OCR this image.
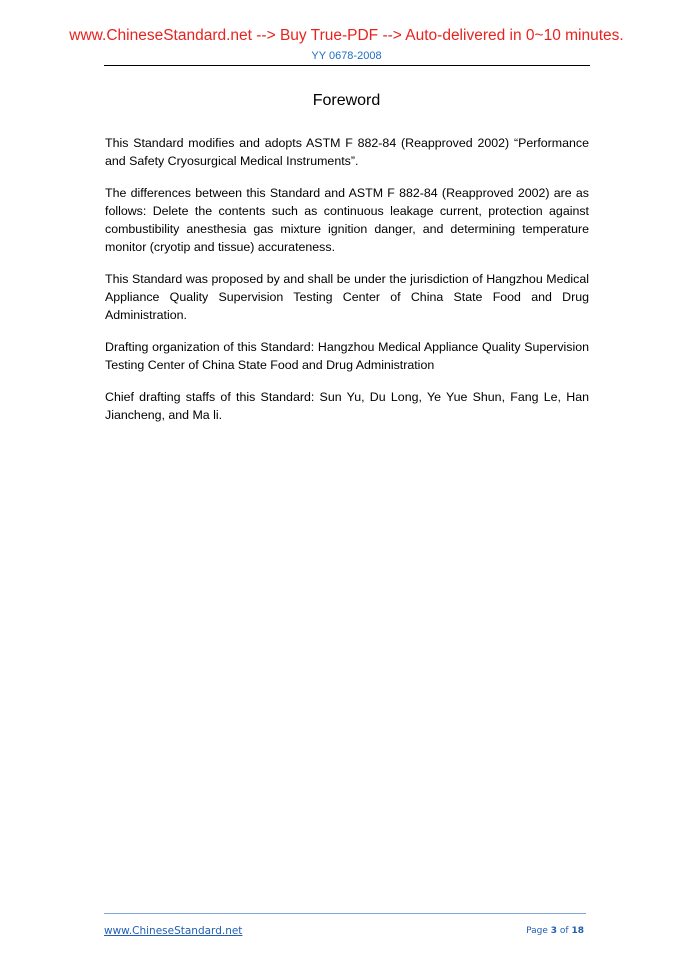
www.ChineseStandard.net --> Buy True-PDF --> Auto-delivered in 0~10 minutes.
YY 0678-2008
Foreword

This Standard modifies and adopts ASTM F 882-84 (Reapproved 2002) “Performance and Safety Cryosurgical Medical Instruments”.

The differences between this Standard and ASTM F 882-84 (Reapproved 2002) are as follows: Delete the contents such as continuous leakage current, protection against combustibility anesthesia gas mixture ignition danger, and determining temperature monitor (cryotip and tissue) accurateness.

This Standard was proposed by and shall be under the jurisdiction of Hangzhou Medical Appliance Quality Supervision Testing Center of China State Food and Drug Administration.

Drafting organization of this Standard: Hangzhou Medical Appliance Quality Supervision Testing Center of China State Food and Drug Administration

Chief drafting staffs of this Standard: Sun Yu, Du Long, Ye Yue Shun, Fang Le, Han Jiancheng, and Ma li.

www.ChineseStandard.net	Page 3 of 18
